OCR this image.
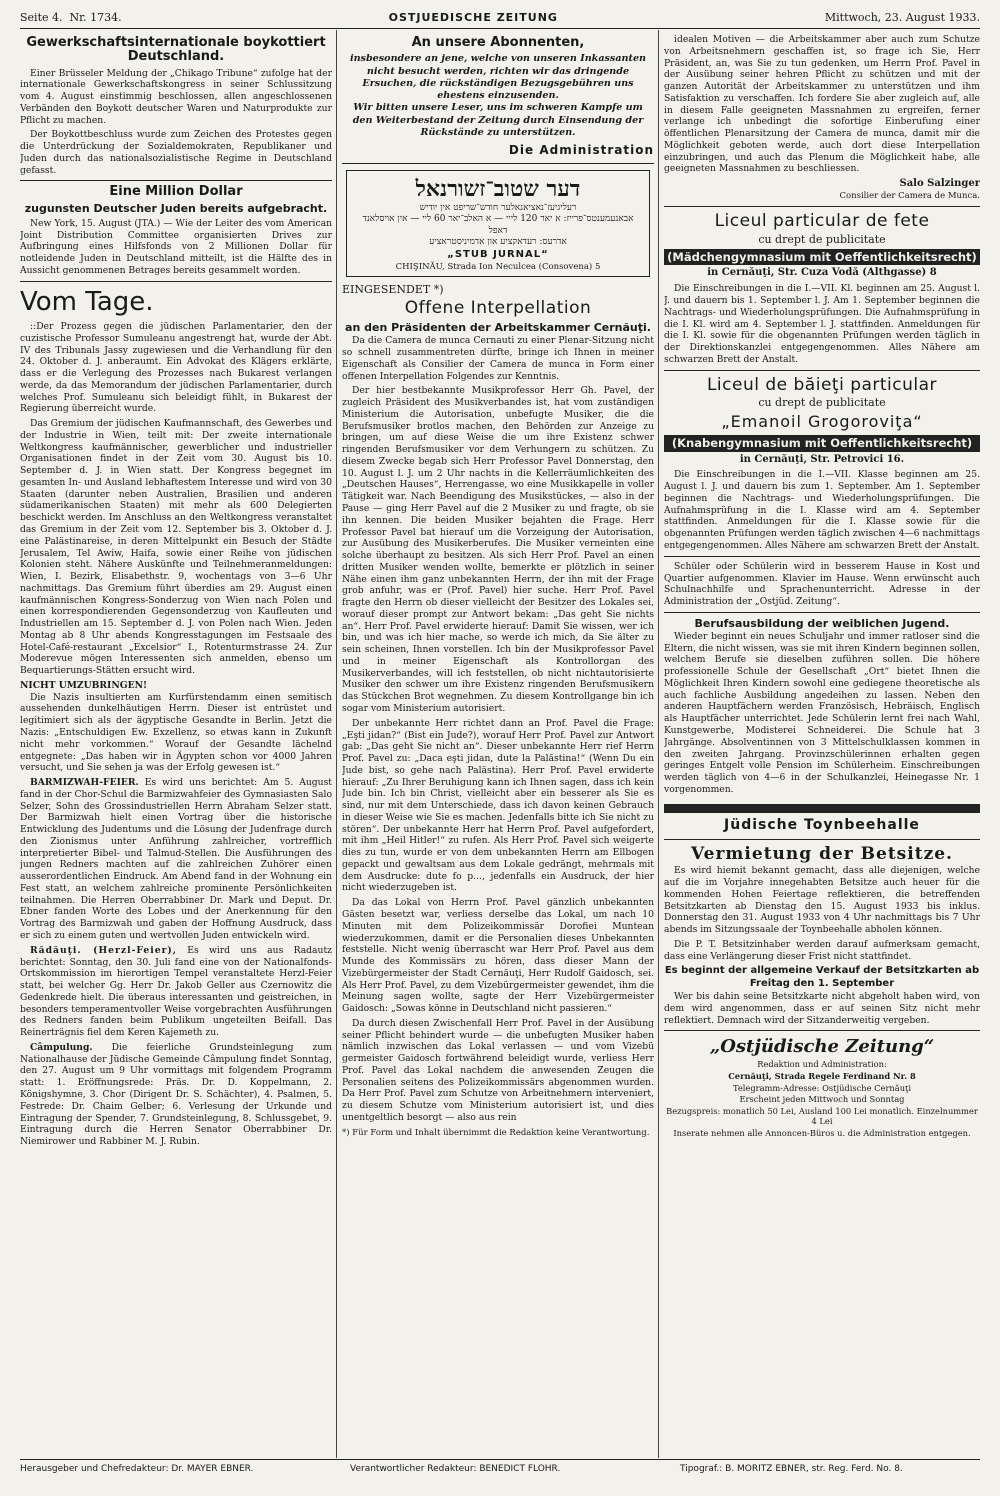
Seite 4. Nr. 1734.	OSTJUEDISCHE ZEITUNG	Mittwoch, 23. August 1933.
Gewerkschaftsinternationale boykottiert Deutschland.

Einer Brüsseler Meldung der „Chikago Tribune“ zufolge hat der internationale Gewerkschaftskongress in seiner Schlussitzung vom 4. August einstimmig beschlossen, allen angeschlossenen Verbänden den Boykott deutscher Waren und Naturprodukte zur Pflicht zu machen.

Der Boykottbeschluss wurde zum Zeichen des Protestes gegen die Unterdrückung der Sozialdemokraten, Republikaner und Juden durch das nationalsozialistische Regime in Deutschland gefasst.

Eine Million Dollar
zugunsten Deutscher Juden bereits aufgebracht.

New York, 15. August (JTA.) — Wie der Leiter des vom American Joint Distribution Committee organisierten Drives zur Aufbringung eines Hilfsfonds von 2 Millionen Dollar für notleidende Juden in Deutschland mitteilt, ist die Hälfte des in Aussicht genommenen Betrages bereits gesammelt worden.

Vom Tage.

::Der Prozess gegen die jüdischen Parlamentarier, den der cuzistische Professor Sumuleanu angestrengt hat, wurde der Abt. IV des Tribunals Jassy zugewiesen und die Verhandlung für den 24. Oktober d. J. anberaumt. Ein Advokat des Klägers erklärte, dass er die Verlegung des Prozesses nach Bukarest verlangen werde, da das Memorandum der jüdischen Parlamentarier, durch welches Prof. Sumuleanu sich beleidigt fühlt, in Bukarest der Regierung überreicht wurde.

Das Gremium der jüdischen Kaufmannschaft, des Gewerbes und der Industrie in Wien, teilt mit: Der zweite internationale Weltkongress kaufmännischer, gewerblicher und industrieller Organisationen findet in der Zeit vom 30. August bis 10. September d. J. in Wien statt. Der Kongress begegnet im gesamten In- und Ausland lebhaftestem Interesse und wird von 30 Staaten (darunter neben Australien, Brasilien und anderen südamerikanischen Staaten) mit mehr als 600 Delegierten beschickt werden. Im Anschluss an den Weltkongress veranstaltet das Gremium in der Zeit vom 12. September bis 3. Oktober d. J. eine Palästinareise, in deren Mittelpunkt ein Besuch der Städte Jerusalem, Tel Awiw, Haifa, sowie einer Reihe von jüdischen Kolonien steht. Nähere Auskünfte und Teilnehmeranmeldungen: Wien, I. Bezirk, Elisabethstr. 9, wochentags von 3—6 Uhr nachmittags. Das Gremium führt überdies am 29. August einen kaufmännischen Kongress-Sonderzug von Wien nach Polen und einen korrespondierenden Gegensonderzug von Kaufleuten und Industriellen am 15. September d. J. von Polen nach Wien. Jeden Montag ab 8 Uhr abends Kongresstagungen im Festsaale des Hotel-Café-restaurant „Excelsior“ I., Rotenturmstrasse 24. Zur Moderevue mögen Interessenten sich anmelden, ebenso um Bequartierungs-Stätten ersucht wird.

NICHT UMZUBRINGEN!

Die Nazis insultierten am Kurfürstendamm einen semitisch aussehenden dunkelhäutigen Herrn. Dieser ist entrüstet und legitimiert sich als der ägyptische Gesandte in Berlin. Jetzt die Nazis: „Entschuldigen Ew. Exzellenz, so etwas kann in Zukunft nicht mehr vorkommen.“ Worauf der Gesandte lächelnd entgegnete: „Das haben wir in Ägypten schon vor 4000 Jahren versucht, und Sie sehen ja was der Erfolg gewesen ist.“

BARMIZWAH-FEIER. Es wird uns berichtet: Am 5. August fand in der Chor-Schul die Barmizwahfeier des Gymnasiasten Salo Selzer, Sohn des Grossindustriellen Herrn Abraham Selzer statt. Der Barmizwah hielt einen Vortrag über die historische Entwicklung des Judentums und die Lösung der Judenfrage durch den Zionismus unter Anführung zahlreicher, vortrefflich interpretierter Bibel- und Talmud-Stellen. Die Ausführungen des jungen Redners machten auf die zahlreichen Zuhörer einen ausserordentlichen Eindruck. Am Abend fand in der Wohnung ein Fest statt, an welchem zahlreiche prominente Persönlichkeiten teilnahmen. Die Herren Oberrabbiner Dr. Mark und Deput. Dr. Ebner fanden Worte des Lobes und der Anerkennung für den Vortrag des Barmizwah und gaben der Hoffnung Ausdruck, dass er sich zu einem guten und wertvollen Juden entwickeln wird.

Rădăuţi. (Herzl-Feier), Es wird uns aus Radautz berichtet: Sonntag, den 30. Juli fand eine von der Nationalfonds-Ortskommission im hierortigen Tempel veranstaltete Herzl-Feier statt, bei welcher Gg. Herr Dr. Jakob Geller aus Czernowitz die Gedenkrede hielt. Die überaus interessanten und geistreichen, in besonders temperamentvoller Weise vorgebrachten Ausführungen des Redners fanden beim Publikum ungeteilten Beifall. Das Reinerträgnis fiel dem Keren Kajemeth zu.

Câmpulung. Die feierliche Grundsteinlegung zum Nationalhause der Jüdische Gemeinde Câmpulung findet Sonntag, den 27. August um 9 Uhr vormittags mit folgendem Programm statt: 1. Eröffnungsrede: Präs. Dr. D. Koppelmann, 2. Königshymne, 3. Chor (Dirigent Dr. S. Schächter), 4. Psalmen, 5. Festrede: Dr. Chaim Gelber; 6. Verlesung der Urkunde und Eintragung der Spender, 7. Grundsteinlegung, 8. Schlussgebet, 9. Eintragung durch die Herren Senator Oberrabbiner Dr. Niemirower und Rabbiner M. J. Rubin.

An unsere Abonnenten,
insbesondere an jene, welche von unseren Inkassanten nicht besucht werden, richten wir das dringende Ersuchen, die rückständigen Bezugsgebühren uns ehestens einzusenden.
Wir bitten unsere Leser, uns im schweren Kampfe um den Weiterbestand der Zeitung durch Einsendung der Rückstände zu unterstützen.
Die Administration
דער שטוב־זשורנאל
רעליגיעז־נאציאנאלער חודש־שריפט אין יודיש
אבאנעמענטס־פרייז: א יאר 120 לייי — א האלב־יאר 60 ליי — אין אויסלאנד דאפל
אדרעס: רעדאקציע און אדמיניסטראציע
„STUB JURNAL“
CHIŞINĂU, Strada Ion Neculcea (Consovena) 5
EINGESENDET *)
Offene Interpellation
an den Präsidenten der Arbeitskammer Cernăuţi.

Da die Camera de munca Cernauti zu einer Plenar-Sitzung nicht so schnell zusammentreten dürfte, bringe ich Ihnen in meiner Eigenschaft als Consilier der Camera de munca in Form einer offenen Interpellation Folgendes zur Kenntnis.

Der hier bestbekannte Musikprofessor Herr Gh. Pavel, der zugleich Präsident des Musikverbandes ist, hat vom zuständigen Ministerium die Autorisation, unbefugte Musiker, die die Berufsmusiker brotlos machen, den Behörden zur Anzeige zu bringen, um auf diese Weise die um ihre Existenz schwer ringenden Berufsmusiker vor dem Verhungern zu schützen. Zu diesem Zwecke begab sich Herr Professor Pavel Donnerstag, den 10. August l. J. um 2 Uhr nachts in die Kellerräumlichkeiten des „Deutschen Hauses“, Herrengasse, wo eine Musikkapelle in voller Tätigkeit war. Nach Beendigung des Musikstückes, — also in der Pause — ging Herr Pavel auf die 2 Musiker zu und fragte, ob sie ihn kennen. Die beiden Musiker bejahten die Frage. Herr Professor Pavel bat hierauf um die Vorzeigung der Autorisation, zur Ausübung des Musikerberufes. Die Musiker verneinten eine solche überhaupt zu besitzen. Als sich Herr Prof. Pavel an einen dritten Musiker wenden wollte, bemerkte er plötzlich in seiner Nähe einen ihm ganz unbekannten Herrn, der ihn mit der Frage grob anfuhr, was er (Prof. Pavel) hier suche. Herr Prof. Pavel fragte den Herrn ob dieser vielleicht der Besitzer des Lokales sei, worauf dieser prompt zur Antwort bekam: „Das geht Sie nichts an“. Herr Prof. Pavel erwiderte hierauf: Damit Sie wissen, wer ich bin, und was ich hier mache, so werde ich mich, da Sie älter zu sein scheinen, Ihnen vorstellen. Ich bin der Musikprofessor Pavel und in meiner Eigenschaft als Kontrollorgan des Musikerverbandes, will ich feststellen, ob nicht nichtautorisierte Musiker den schwer um ihre Existenz ringenden Berufsmusikern das Stückchen Brot wegnehmen. Zu diesem Kontrollgange bin ich sogar vom Ministerium autorisiert.

Der unbekannte Herr richtet dann an Prof. Pavel die Frage: „Eşti jidan?“ (Bist ein Jude?), worauf Herr Prof. Pavel zur Antwort gab: „Das geht Sie nicht an“. Dieser unbekannte Herr rief Herrn Prof. Pavel zu: „Daca eşti jidan, dute la Palăstina!“ (Wenn Du ein Jude bist, so gehe nach Palästina). Herr Prof. Pavel erwiderte hierauf: „Zu Ihrer Beruhigung kann ich Ihnen sagen, dass ich kein Jude bin. Ich bin Christ, vielleicht aber ein besserer als Sie es sind, nur mit dem Unterschiede, dass ich davon keinen Gebrauch in dieser Weise wie Sie es machen. Jedenfalls bitte ich Sie nicht zu stören“. Der unbekannte Herr hat Herrn Prof. Pavel aufgefordert, mit ihm „Heil Hitler!“ zu rufen. Als Herr Prof. Pavel sich weigerte dies zu tun, wurde er von dem unbekannten Herrn am Ellbogen gepackt und gewaltsam aus dem Lokale gedrängt, mehrmals mit dem Ausdrucke: dute fo p..., jedenfalls ein Ausdruck, der hier nicht wiederzugeben ist.

Da das Lokal von Herrn Prof. Pavel gänzlich unbekannten Gästen besetzt war, verliess derselbe das Lokal, um nach 10 Minuten mit dem Polizeikommissär Dorofiei Muntean wiederzukommen, damit er die Personalien dieses Unbekannten feststelle. Nicht wenig überrascht war Herr Prof. Pavel aus dem Munde des Kommissärs zu hören, dass dieser Mann der Vizebürgermeister der Stadt Cernăuţi, Herr Rudolf Gaidosch, sei. Als Herr Prof. Pavel, zu dem Vizebürgermeister gewendet, ihm die Meinung sagen wollte, sagte der Herr Vizebürgermeister Gaidosch: „Sowas könne in Deutschland nicht passieren.“

Da durch diesen Zwischenfall Herr Prof. Pavel in der Ausübung seiner Pflicht behindert wurde — die unbefugten Musiker haben nämlich inzwischen das Lokal verlassen — und vom Vizebü germeister Gaidosch fortwährend beleidigt wurde, verliess Herr Prof. Pavel das Lokal nachdem die anwesenden Zeugen die Personalien seitens des Polizeikommissärs abgenommen wurden. Da Herr Prof. Pavel zum Schutze von Arbeitnehmern interveniert, zu diesem Schutze vom Ministerium autorisiert ist, und dies unentgeltlich besorgt — also aus rein

*) Für Form und Inhalt übernimmt die Redaktion keine Verantwortung.

idealen Motiven — die Arbeitskammer aber auch zum Schutze von Arbeitsnehmern geschaffen ist, so frage ich Sie, Herr Präsident, an, was Sie zu tun gedenken, um Herrn Prof. Pavel in der Ausübung seiner hehren Pflicht zu schützen und mit der ganzen Autorität der Arbeitskammer zu unterstützen und ihm Satisfaktion zu verschaffen. Ich fordere Sie aber zugleich auf, alle in diesem Falle geeigneten Massnahmen zu ergreifen, ferner verlange ich unbedingt die sofortige Einberufung einer öffentlichen Plenarsitzung der Camera de munca, damit mir die Möglichkeit geboten werde, auch dort diese Interpellation einzubringen, und auch das Plenum die Möglichkeit habe, alle geeigneten Massnahmen zu beschliessen.

Salo Salzinger
Consilier der Camera de Munca.
Liceul particular de fete
cu drept de publicitate
(Mädchengymnasium mit Oeffentlichkeitsrecht)
in Cernăuţi, Str. Cuza Vodă (Althgasse) 8

Die Einschreibungen in die I.—VII. Kl. beginnen am 25. August l. J. und dauern bis 1. September l. J. Am 1. September beginnen die Nachtrags- und Wiederholungsprüfungen. Die Aufnahmsprüfung in die I. Kl. wird am 4. September l. J. stattfinden. Anmeldungen für die I. Kl. sowie für die obgenannten Prüfungen werden täglich in der Direktionskanzlei entgegengenommen. Alles Nähere am schwarzen Brett der Anstalt.

Liceul de băieţi particular
cu drept de publicitate
„Emanoil Grogoroviţa“
(Knabengymnasium mit Oeffentlichkeitsrecht)
in Cernăuţi, Str. Petrovici 16.

Die Einschreibungen in die I.—VII. Klasse beginnen am 25. August l. J. und dauern bis zum 1. September. Am 1. September beginnen die Nachtrags- und Wiederholungsprüfungen. Die Aufnahmsprüfung in die I. Klasse wird am 4. September stattfinden. Anmeldungen für die I. Klasse sowie für die obgenannten Prüfungen werden täglich zwischen 4—6 nachmittags entgegengenommen. Alles Nähere am schwarzen Brett der Anstalt.

Schüler oder Schülerin wird in besserem Hause in Kost und Quartier aufgenommen. Klavier im Hause. Wenn erwünscht auch Schulnachhilfe und Sprachenunterricht. Adresse in der Administration der „Ostjüd. Zeitung“.

Berufsausbildung der weiblichen Jugend.

Wieder beginnt ein neues Schuljahr und immer ratloser sind die Eltern, die nicht wissen, was sie mit ihren Kindern beginnen sollen, welchem Berufe sie dieselben zuführen sollen. Die höhere professionelle Schule der Gesellschaft „Ort“ bietet Ihnen die Möglichkeit Ihren Kindern sowohl eine gediegene theoretische als auch fachliche Ausbildung angedeihen zu lassen. Neben den anderen Hauptfächern werden Französisch, Hebräisch, Englisch als Hauptfächer unterrichtet. Jede Schülerin lernt frei nach Wahl, Kunstgewerbe, Modisterei Schneiderei. Die Schule hat 3 Jahrgänge. Absolventinnen von 3 Mittelschulklassen kommen in den zweiten Jahrgang. Provinzschülerinnen erhalten gegen geringes Entgelt volle Pension im Schülerheim. Einschreibungen werden täglich von 4—6 in der Schulkanzlei, Heinegasse Nr. 1 vorgenommen.

Jüdische Toynbeehalle
Vermietung der Betsitze.

Es wird hiemit bekannt gemacht, dass alle diejenigen, welche auf die im Vorjahre innegehabten Betsitze auch heuer für die kommenden Hohen Feiertage reflektieren, die betreffenden Betsitzkarten ab Dienstag den 15. August 1933 bis inklus. Donnerstag den 31. August 1933 von 4 Uhr nachmittags bis 7 Uhr abends im Sitzungssaale der Toynbeehalle abholen können.

Die P. T. Betsitzinhaber werden darauf aufmerksam gemacht, dass eine Verlängerung dieser Frist nicht stattfindet.

Es beginnt der allgemeine Verkauf der Betsitzkarten ab Freitag den 1. September

Wer bis dahin seine Betsitzkarte nicht abgeholt haben wird, von dem wird angenommen, dass er auf seinen Sitz nicht mehr reflektiert. Demnach wird der Sitzanderweitig vergeben.

„Ostjüdische Zeitung“
Redaktion und Administration:
Cernăuţi, Strada Regele Ferdinand Nr. 8
Telegramm-Adresse: Ostjüdische Cernăuţi
Erscheint jeden Mittwoch und Sonntag
Bezugspreis: monatlich 50 Lei, Ausland 100 Lei monatlich. Einzelnummer 4 Lei
Inserate nehmen alle Annoncen-Büros u. die Administration entgegen.
Herausgeber und Chefredakteur: Dr. MAYER EBNER.	Verantwortlicher Redakteur: BENEDICT FLOHR.	Tipograf.: B. MORITZ EBNER, str. Reg. Ferd. No. 8.
